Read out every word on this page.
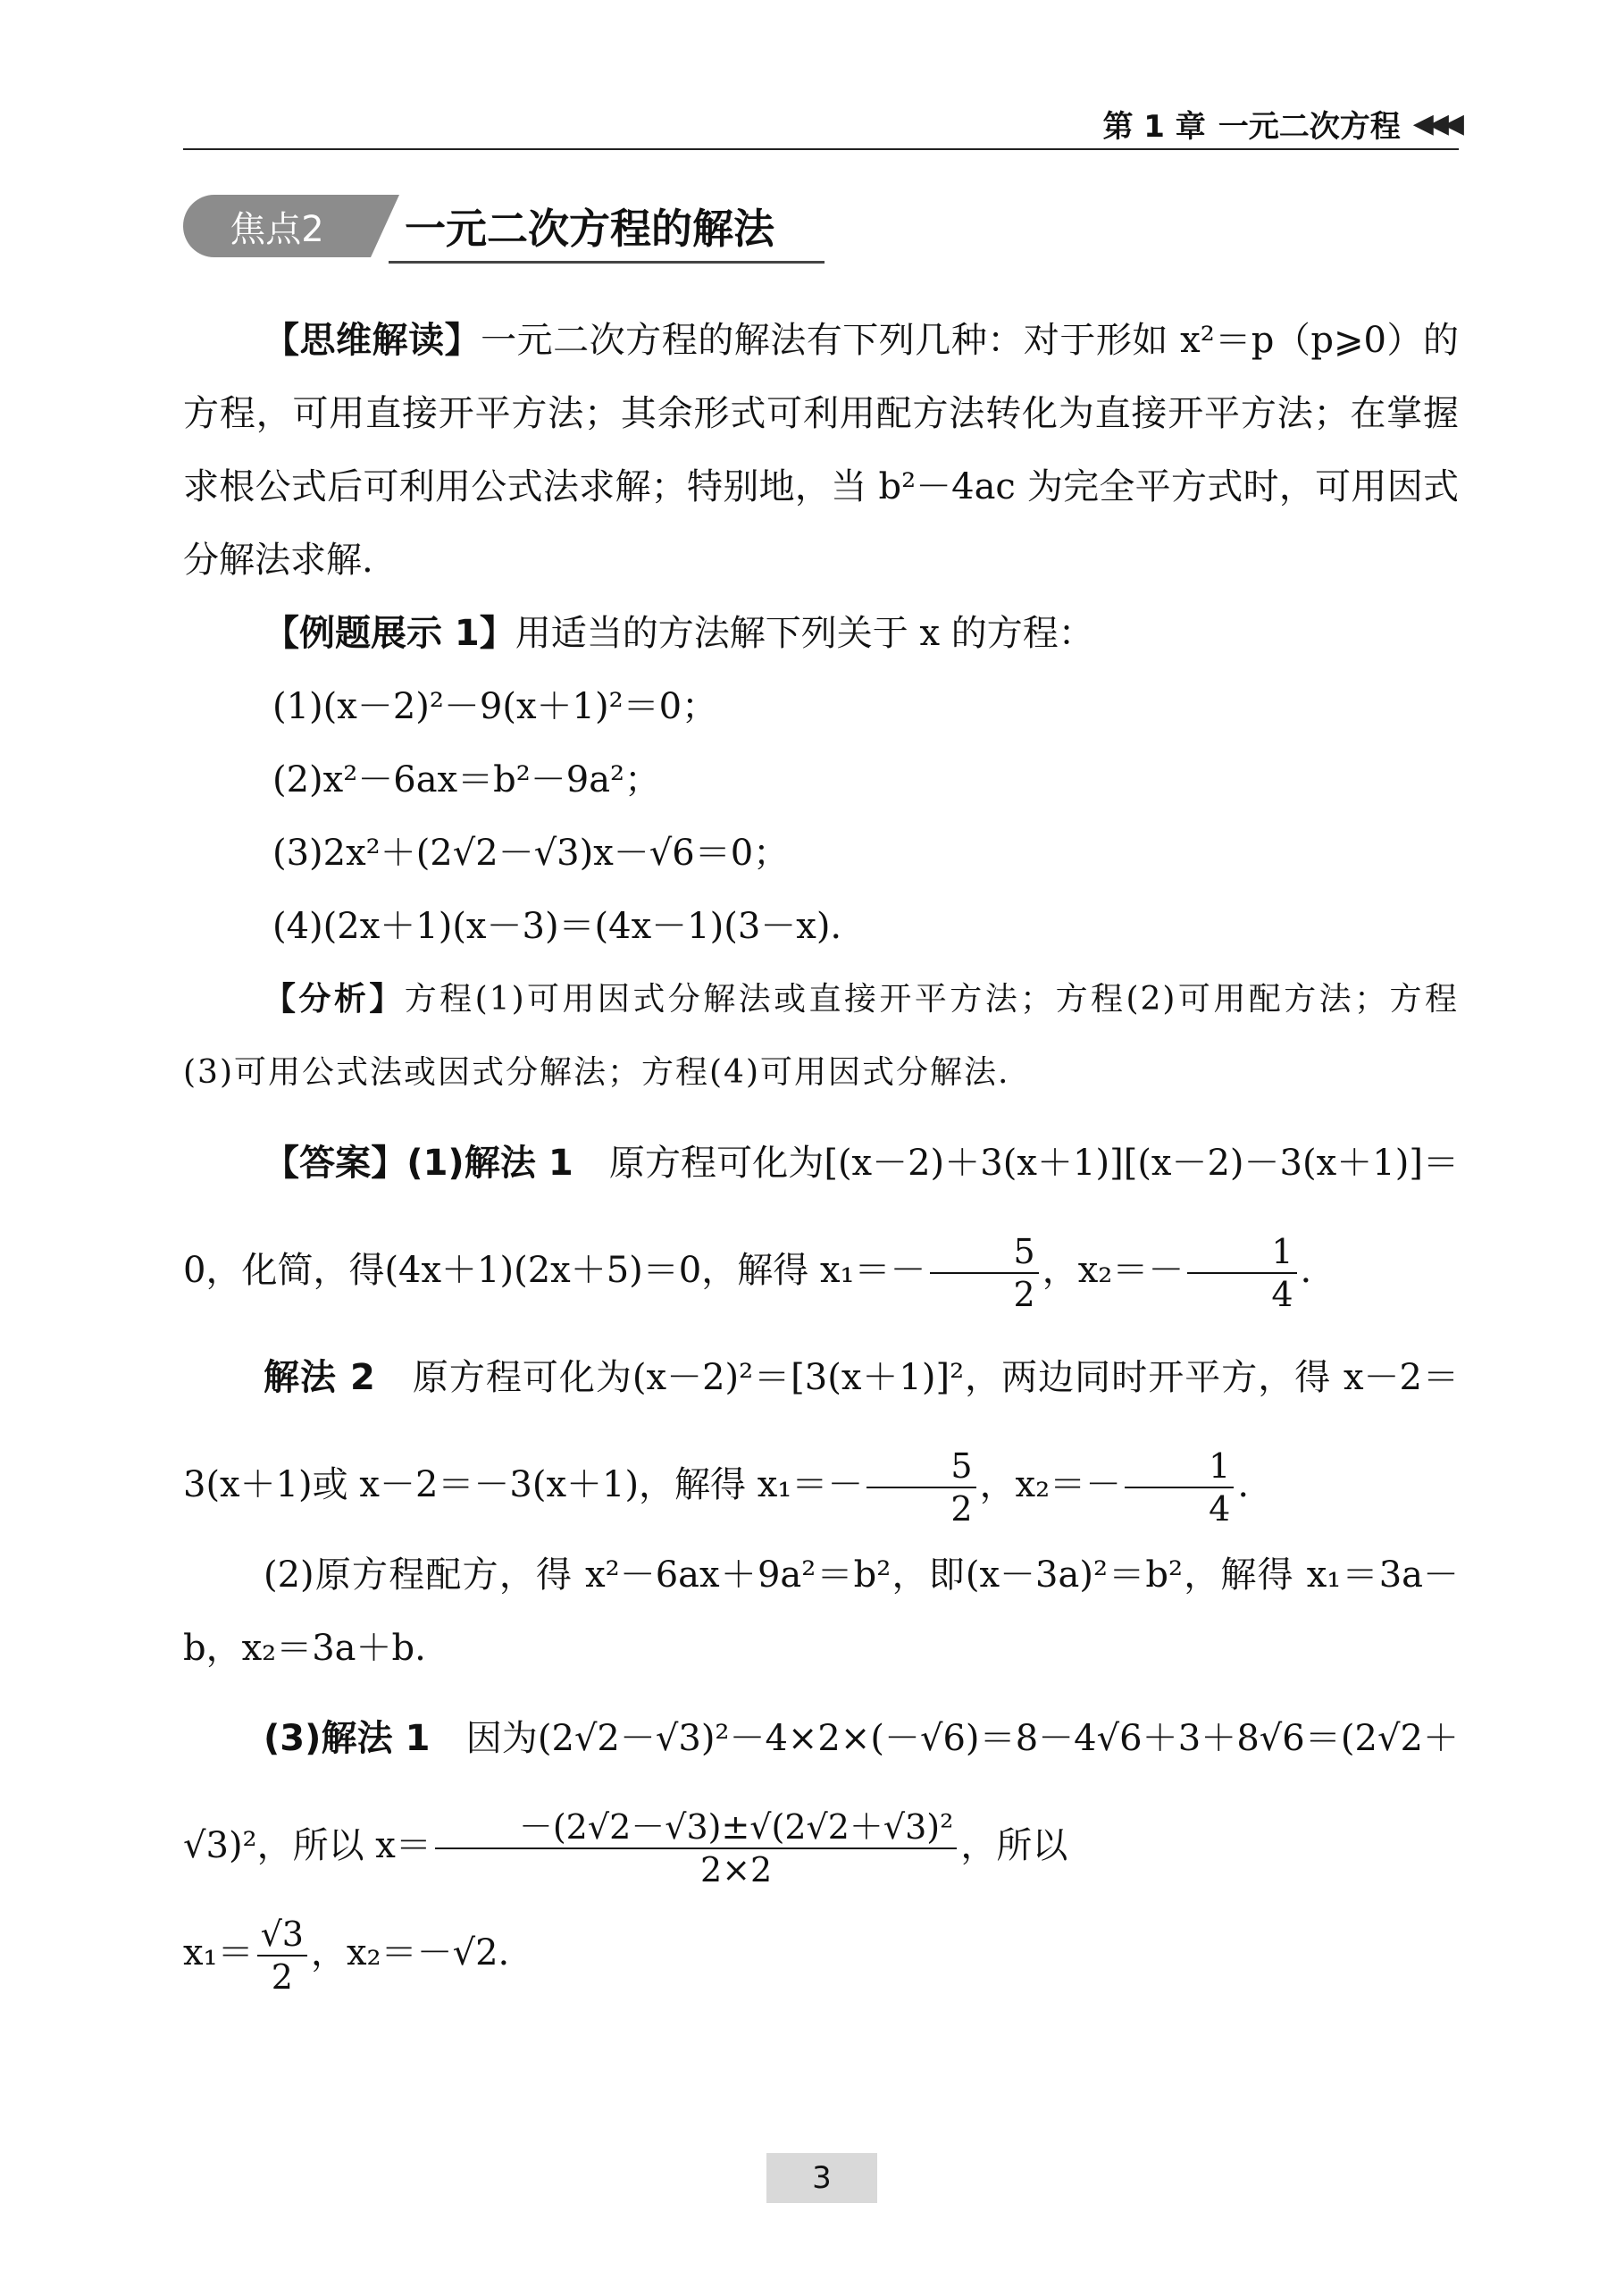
第 1 章 一元二次方程 ◀◀◀
焦点2	一元二次方程的解法

【思维解读】一元二次方程的解法有下列几种：对于形如 x²＝p（p⩾0）的方程，可用直接开平方法；其余形式可利用配方法转化为直接开平方法；在掌握求根公式后可利用公式法求解；特别地，当 b²－4ac 为完全平方式时，可用因式分解法求解.

【例题展示 1】用适当的方法解下列关于 x 的方程：

(1)(x－2)²－9(x＋1)²＝0；

(2)x²－6ax＝b²－9a²；

(3)2x²＋(2√2－√3)x－√6＝0；

(4)(2x＋1)(x－3)＝(4x－1)(3－x).

【分析】方程(1)可用因式分解法或直接开平方法；方程(2)可用配方法；方程(3)可用公式法或因式分解法；方程(4)可用因式分解法.

【答案】(1)解法 1　 原方程可化为[(x－2)＋3(x＋1)][(x－2)－3(x＋1)]＝0，化简，得(4x＋1)(2x＋5)＝0，解得 $x_1=- \frac{5}{2}$ ，$x_2=- \frac{1}{4}$ .

解法 2　 原方程可化为(x－2)²＝[3(x＋1)]²，两边同时开平方，得 x－2＝3(x＋1)或 x－2＝－3(x＋1)，解得 $x_1=- \frac{5}{2}$ ，$x_2=- \frac{1}{4}$ .

(2)原方程配方，得 x²－6ax＋9a²＝b²，即(x－3a)²＝b²，解得 x₁＝3a－b，x₂＝3a＋b.

(3)解法 1　 因为(2√2－√3)²－4×2×(－√6)＝8－4√6＋3＋8√6＝(2√2＋√3)²，所以 $x= \frac{\text{－(2√2－√3)±√(2√2＋√3)²}}{2\times 2}$ ，所以

$x_1= \frac{√3}{2}$ ，x₂＝－√2.

3
